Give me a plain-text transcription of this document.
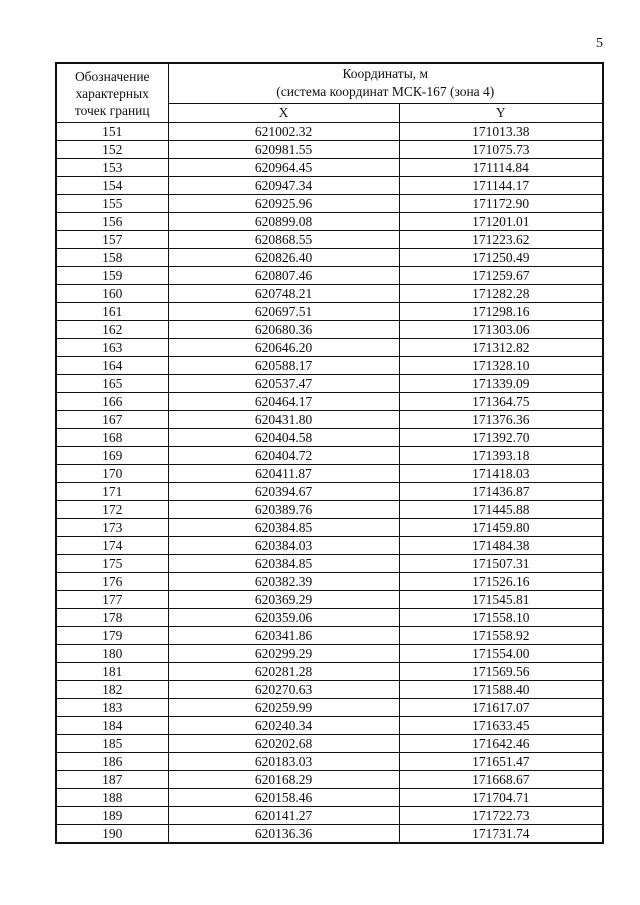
5
Обозначение
характерных
точек границ	Координаты, м
(система координат МСК-167 (зона 4)	

	X	Y
151	621002.32	171013.38
152	620981.55	171075.73
153	620964.45	171114.84
154	620947.34	171144.17
155	620925.96	171172.90
156	620899.08	171201.01
157	620868.55	171223.62
158	620826.40	171250.49
159	620807.46	171259.67
160	620748.21	171282.28
161	620697.51	171298.16
162	620680.36	171303.06
163	620646.20	171312.82
164	620588.17	171328.10
165	620537.47	171339.09
166	620464.17	171364.75
167	620431.80	171376.36
168	620404.58	171392.70
169	620404.72	171393.18
170	620411.87	171418.03
171	620394.67	171436.87
172	620389.76	171445.88
173	620384.85	171459.80
174	620384.03	171484.38
175	620384.85	171507.31
176	620382.39	171526.16
177	620369.29	171545.81
178	620359.06	171558.10
179	620341.86	171558.92
180	620299.29	171554.00
181	620281.28	171569.56
182	620270.63	171588.40
183	620259.99	171617.07
184	620240.34	171633.45
185	620202.68	171642.46
186	620183.03	171651.47
187	620168.29	171668.67
188	620158.46	171704.71
189	620141.27	171722.73
190	620136.36	171731.74
